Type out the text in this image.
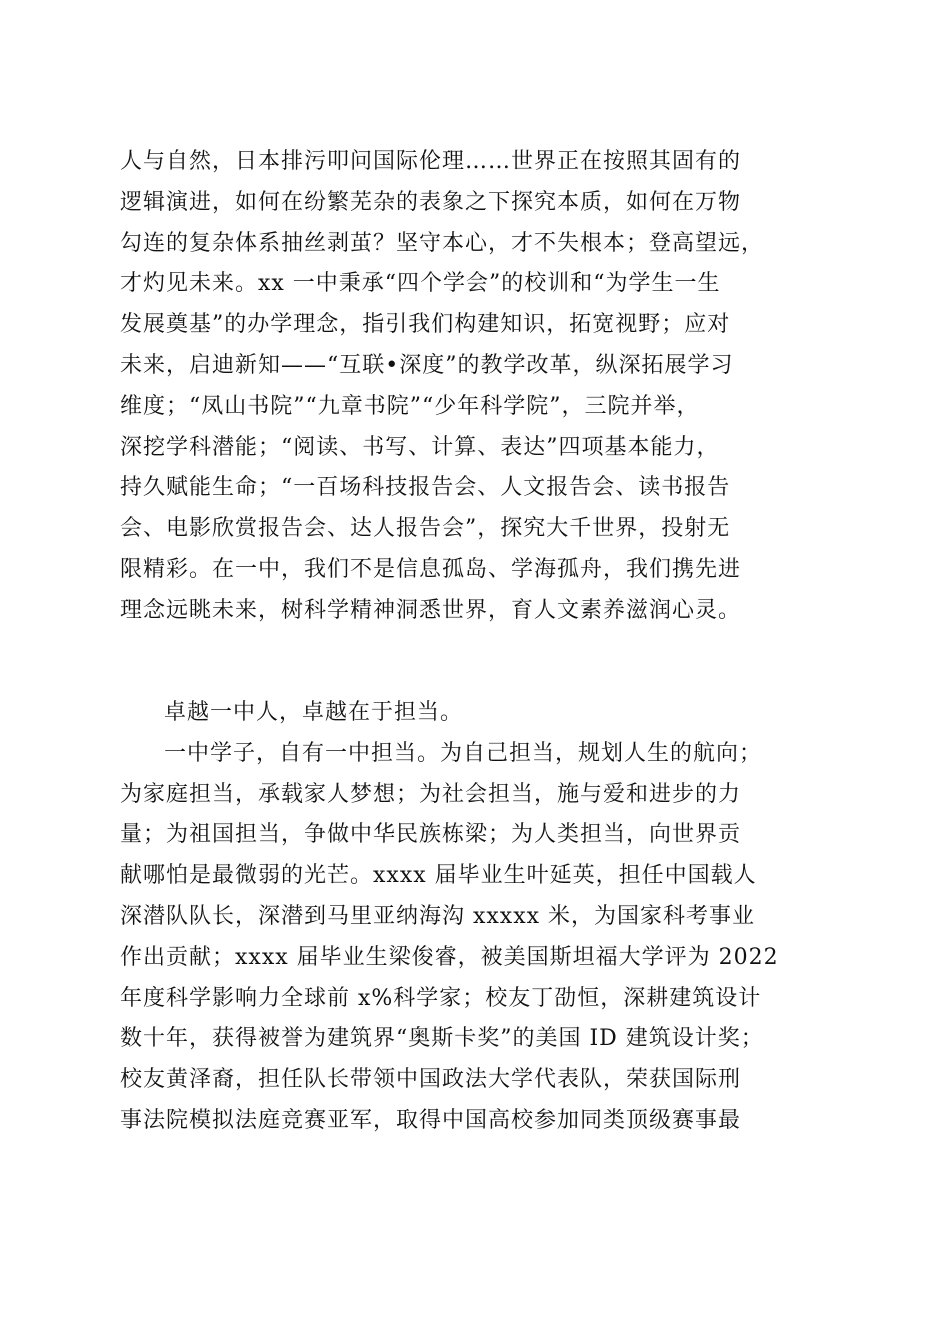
人与自然，日本排污叩问国际伦理……世界正在按照其固有的

逻辑演进，如何在纷繁芜杂的表象之下探究本质，如何在万物

勾连的复杂体系抽丝剥茧？坚守本心，才不失根本；登高望远，

才灼见未来。xx 一中秉承“四个学会”的校训和“为学生一生

发展奠基”的办学理念，指引我们构建知识，拓宽视野；应对

未来，启迪新知——“互联•深度”的教学改革，纵深拓展学习

维度；“凤山书院”“九章书院”“少年科学院”，三院并举，

深挖学科潜能；“阅读、书写、计算、表达”四项基本能力，

持久赋能生命；“一百场科技报告会、人文报告会、读书报告

会、电影欣赏报告会、达人报告会”，探究大千世界，投射无

限精彩。在一中，我们不是信息孤岛、学海孤舟，我们携先进

理念远眺未来，树科学精神洞悉世界，育人文素养滋润心灵。

卓越一中人，卓越在于担当。

一中学子，自有一中担当。为自己担当，规划人生的航向；

为家庭担当，承载家人梦想；为社会担当，施与爱和进步的力

量；为祖国担当，争做中华民族栋梁；为人类担当，向世界贡

献哪怕是最微弱的光芒。xxxx 届毕业生叶延英，担任中国载人

深潜队队长，深潜到马里亚纳海沟 xxxxx 米，为国家科考事业

作出贡献；xxxx 届毕业生梁俊睿，被美国斯坦福大学评为 2022

年度科学影响力全球前 x%科学家；校友丁劭恒，深耕建筑设计

数十年，获得被誉为建筑界“奥斯卡奖”的美国 ID 建筑设计奖；

校友黄泽裔，担任队长带领中国政法大学代表队，荣获国际刑

事法院模拟法庭竞赛亚军，取得中国高校参加同类顶级赛事最
